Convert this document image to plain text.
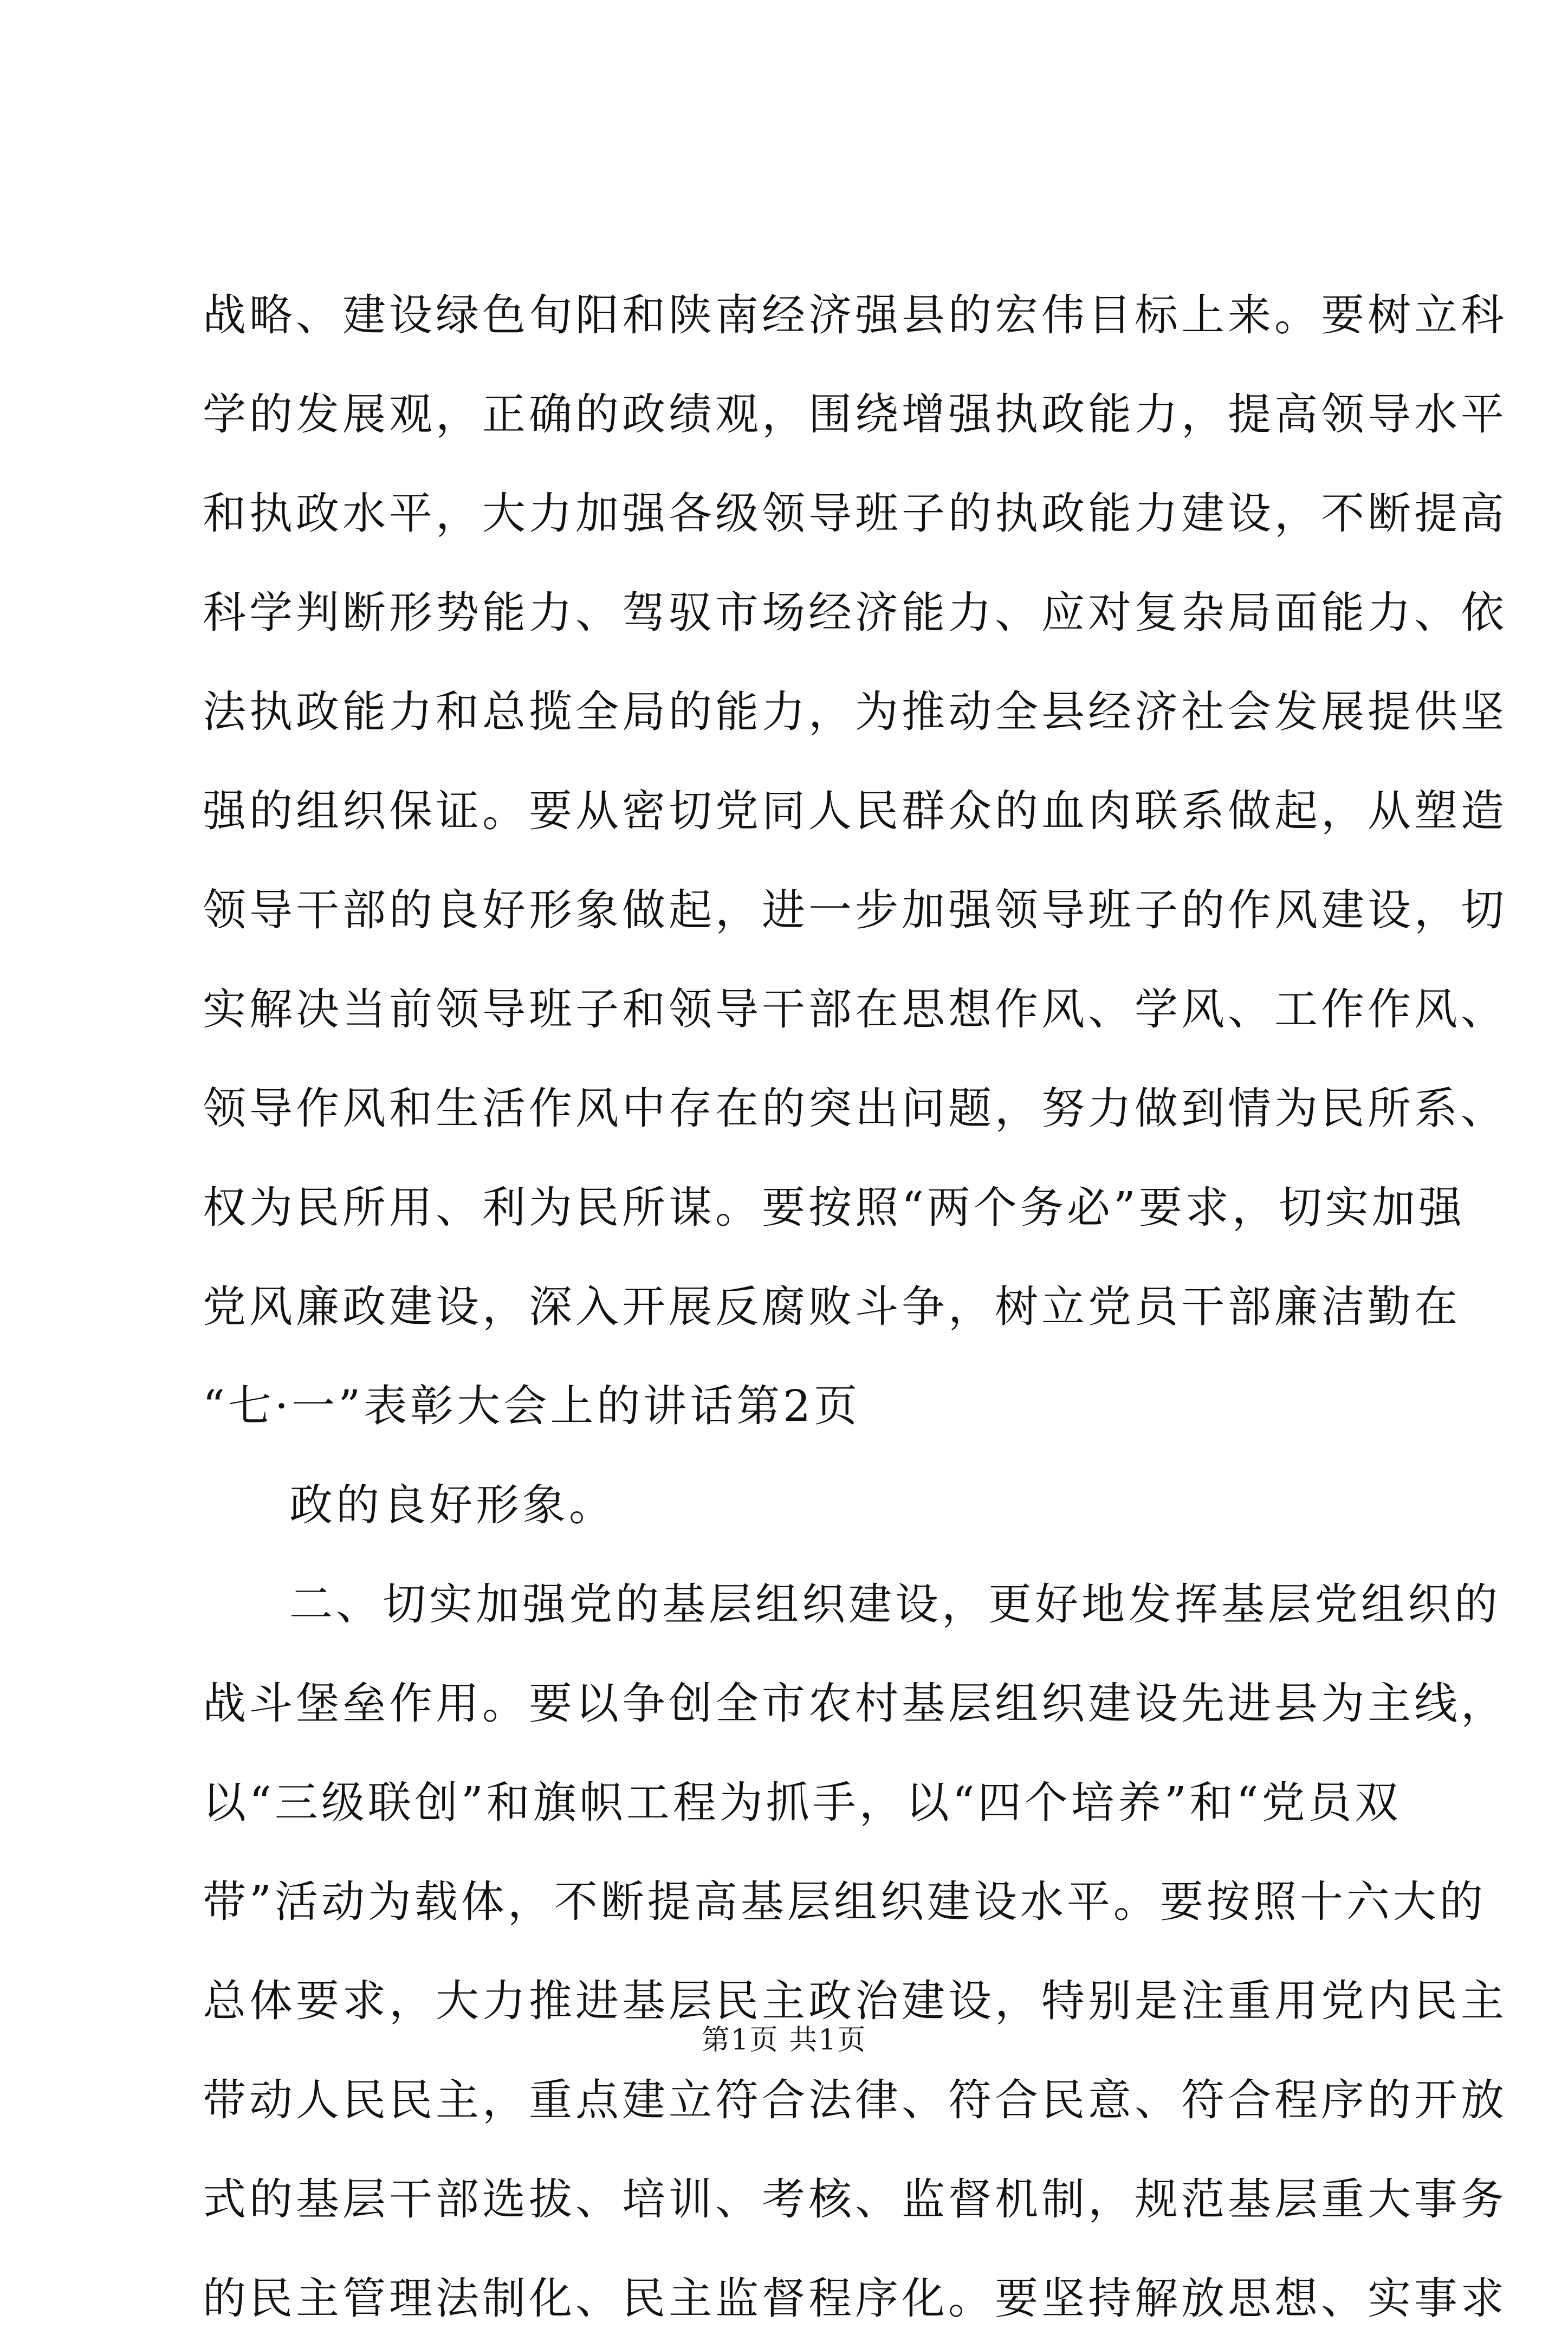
战略、建设绿色旬阳和陕南经济强县的宏伟目标上来。要树立科
学的发展观，正确的政绩观，围绕增强执政能力，提高领导水平
和执政水平，大力加强各级领导班子的执政能力建设，不断提高
科学判断形势能力、驾驭市场经济能力、应对复杂局面能力、依
法执政能力和总揽全局的能力，为推动全县经济社会发展提供坚
强的组织保证。要从密切党同人民群众的血肉联系做起，从塑造
领导干部的良好形象做起，进一步加强领导班子的作风建设，切
实解决当前领导班子和领导干部在思想作风、学风、工作作风、
领导作风和生活作风中存在的突出问题，努力做到情为民所系、
权为民所用、利为民所谋。要按照“两个务必”要求，切实加强
党风廉政建设，深入开展反腐败斗争，树立党员干部廉洁勤在
“七·一”表彰大会上的讲话第2页
政的良好形象。
二、切实加强党的基层组织建设，更好地发挥基层党组织的
战斗堡垒作用。要以争创全市农村基层组织建设先进县为主线，
以“三级联创”和旗帜工程为抓手，以“四个培养”和“党员双
带”活动为载体，不断提高基层组织建设水平。要按照十六大的
总体要求，大力推进基层民主政治建设，特别是注重用党内民主
带动人民民主，重点建立符合法律、符合民意、符合程序的开放
式的基层干部选拔、培训、考核、监督机制，规范基层重大事务
的民主管理法制化、民主监督程序化。要坚持解放思想、实事求
第1页 共1页
